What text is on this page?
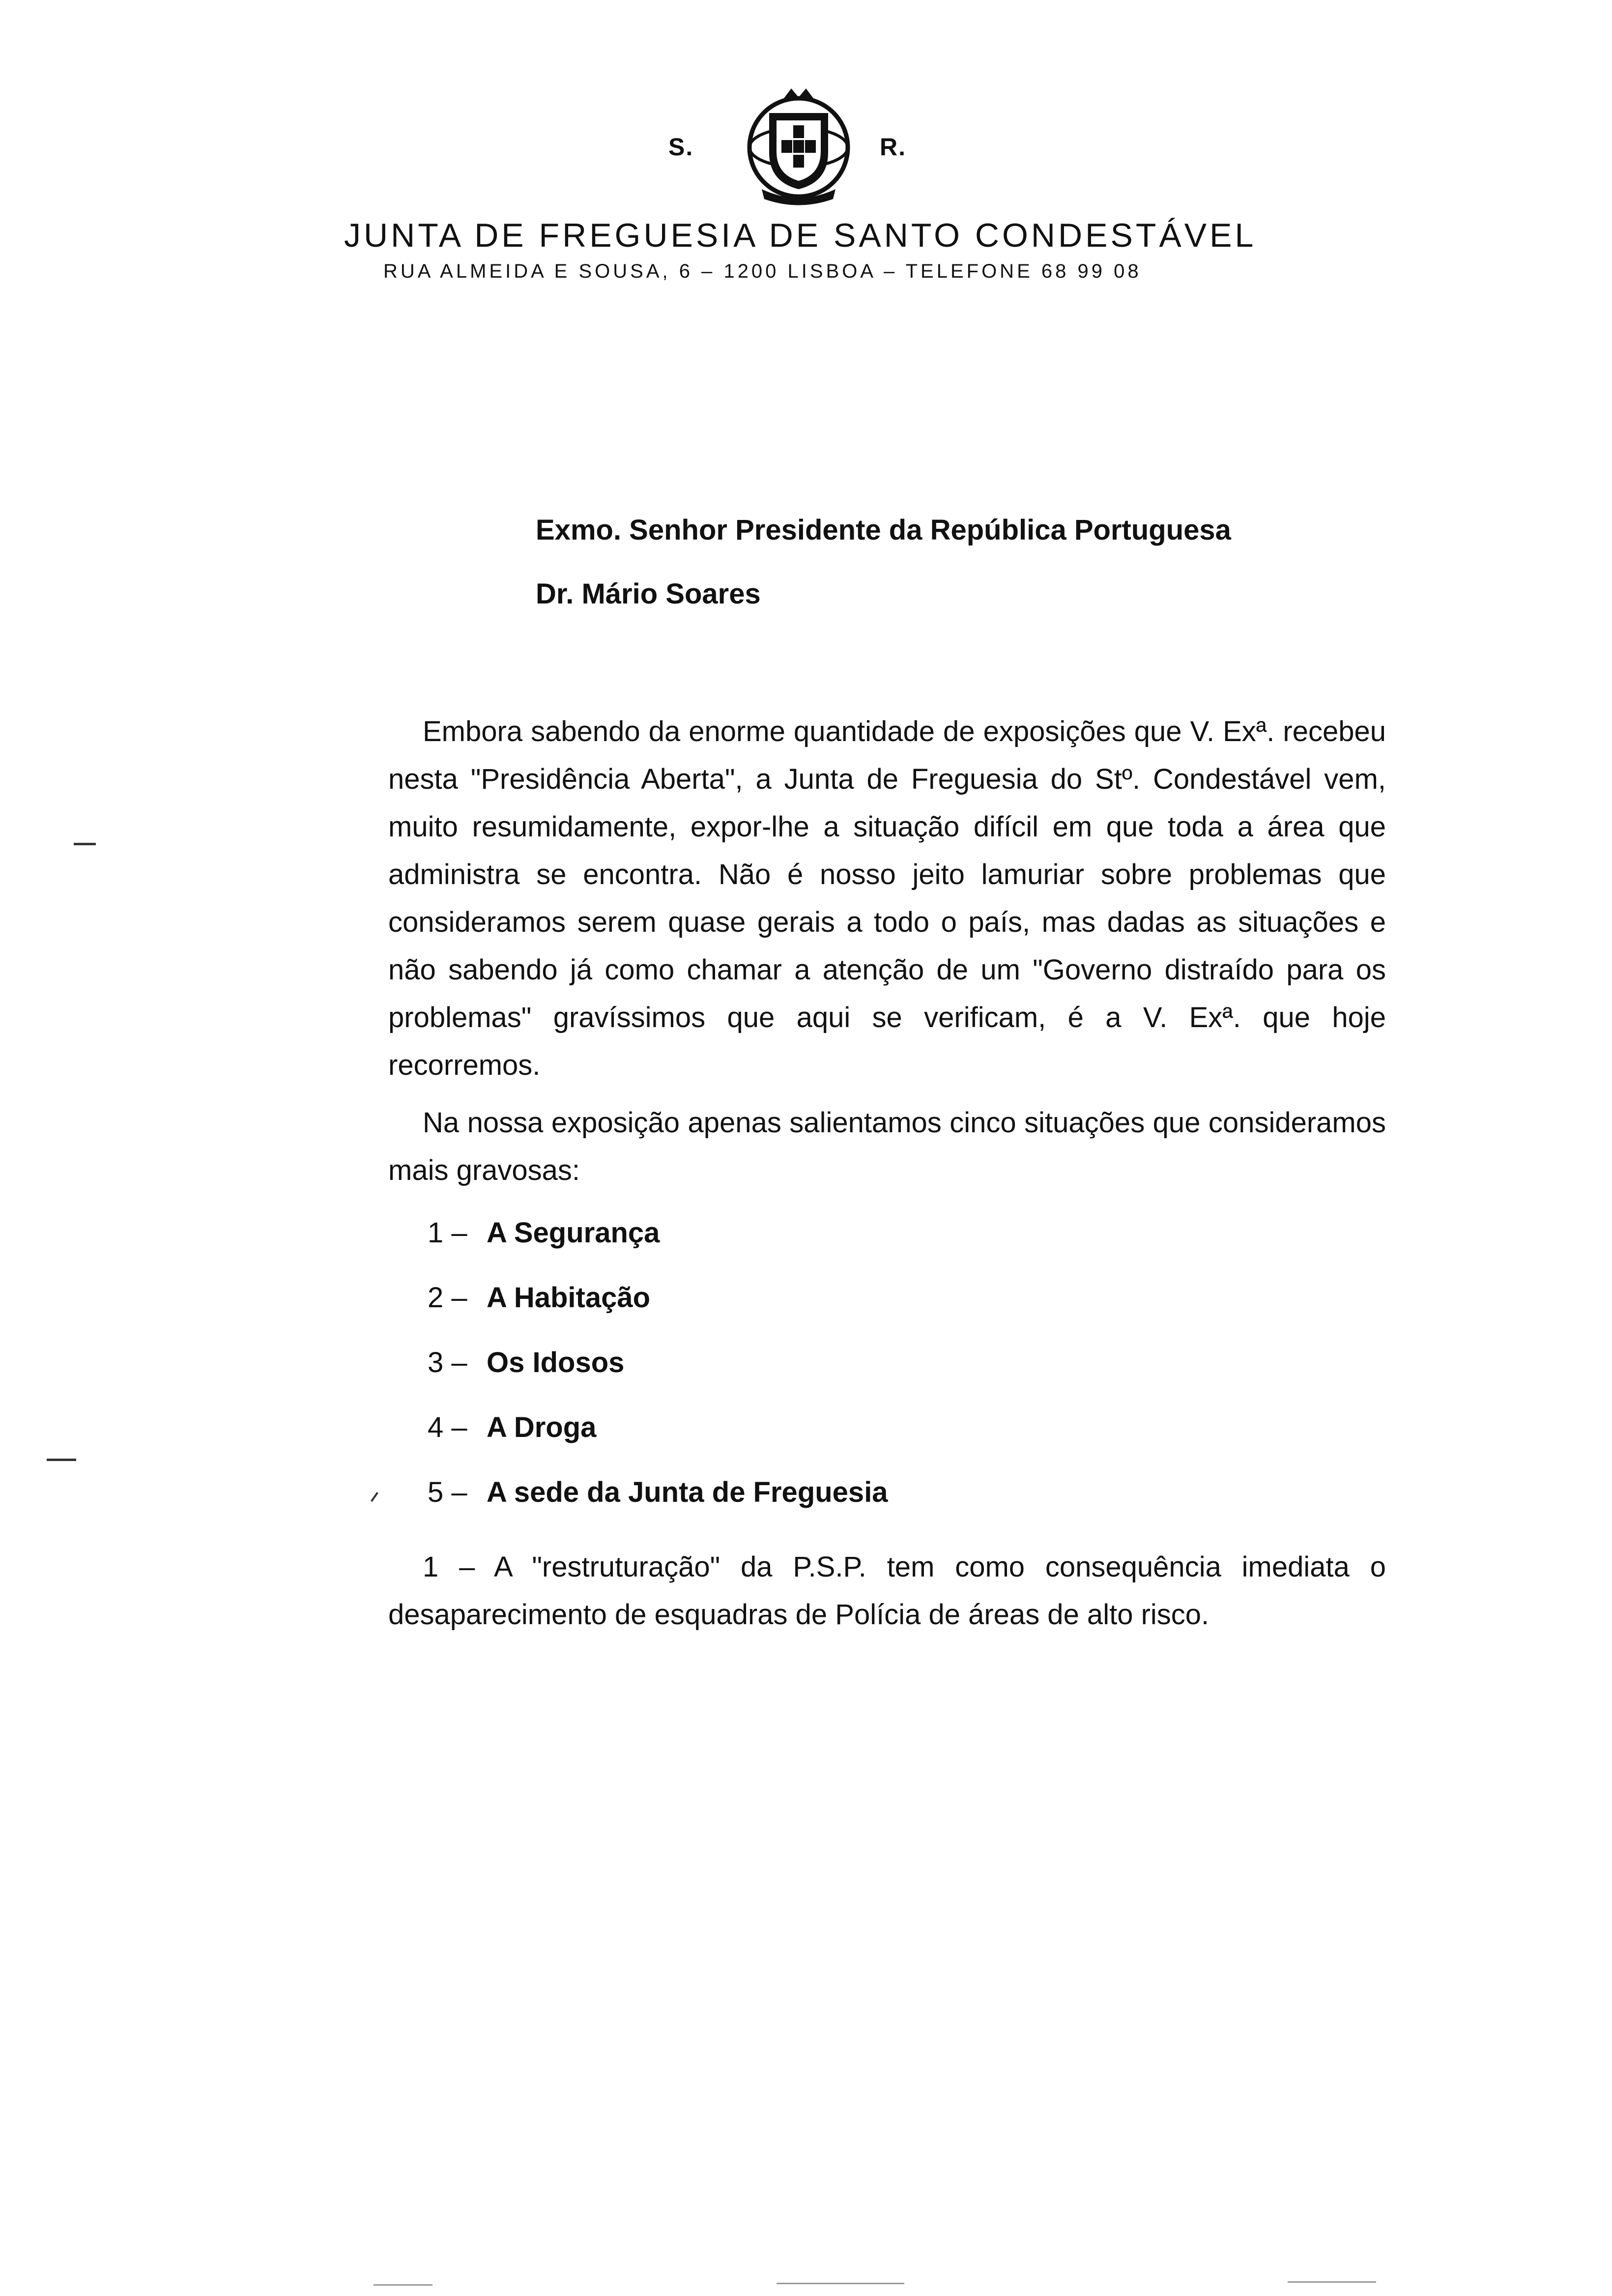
S.	R.
JUNTA DE FREGUESIA DE SANTO CONDESTÁVEL
RUA ALMEIDA E SOUSA, 6 – 1200 LISBOA – TELEFONE 68 99 08
Exmo. Senhor Presidente da República Portuguesa
Dr. Mário Soares

Embora sabendo da enorme quantidade de exposições que V. Exª. recebeu nesta "Presidência Aberta", a Junta de Freguesia do Stº. Condestável vem, muito resumidamente, expor-lhe a situação difícil em que toda a área que administra se encontra. Não é nosso jeito lamuriar sobre problemas que consideramos serem quase gerais a todo o país, mas dadas as situações e não sabendo já como chamar a atenção de um "Governo distraído para os problemas" gravíssimos que aqui se verificam, é a V. Exª. que hoje recorremos.

Na nossa exposição apenas salientamos cinco situações que consideramos mais gravosas:

1 – A Segurança
2 – A Habitação
3 – Os Idosos
4 – A Droga
5 – A sede da Junta de Freguesia

1 – A "restruturação" da P.S.P. tem como consequência imediata o desaparecimento de esquadras de Polícia de áreas de alto risco.
